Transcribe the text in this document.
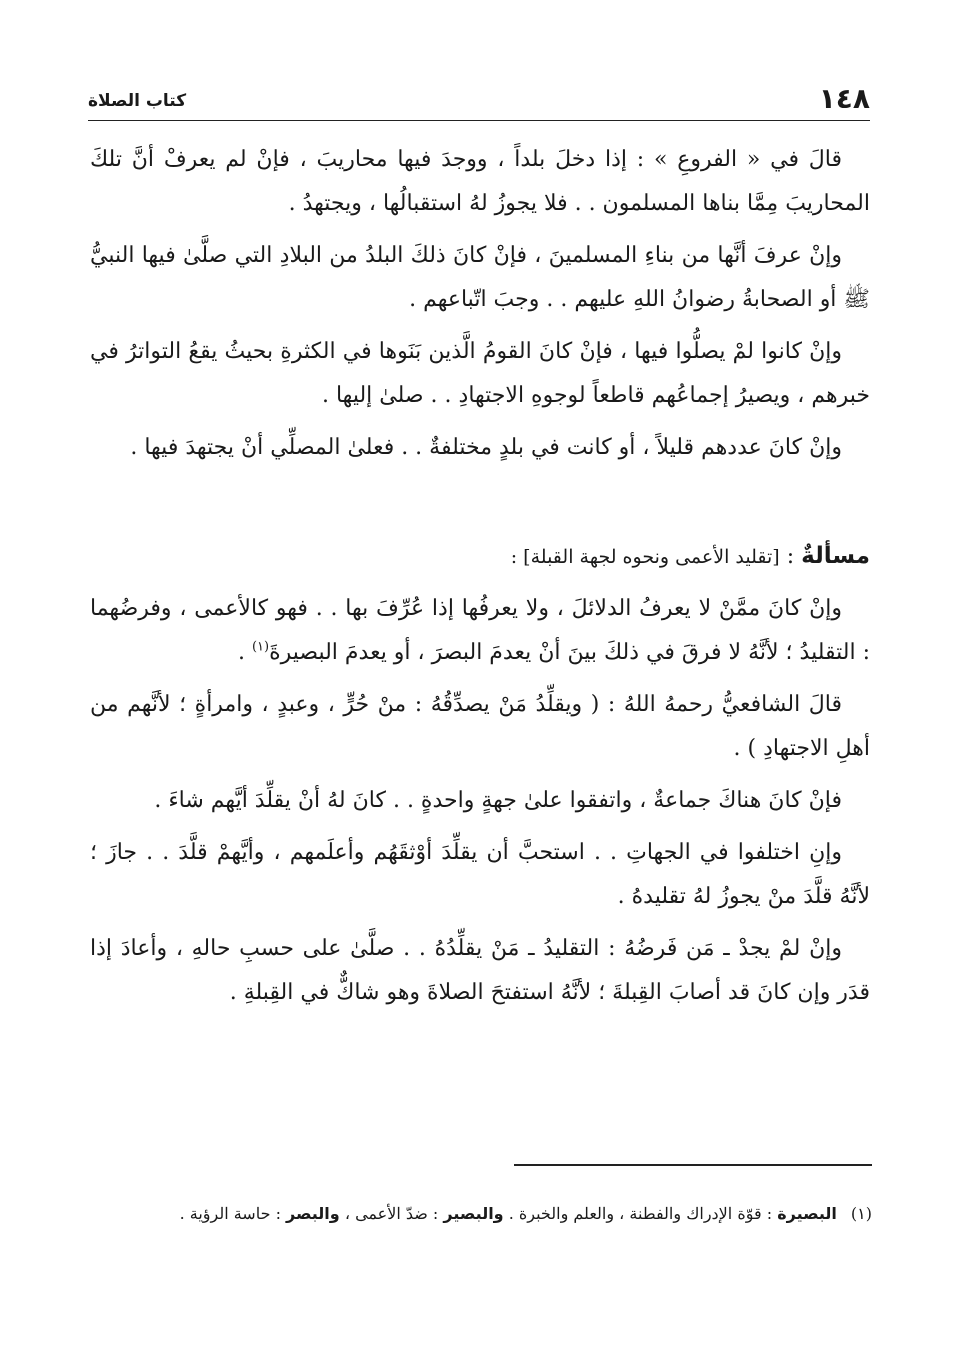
١٤٨
كتاب الصلاة

قالَ في « الفروعِ » : إذا دخلَ بلداً ، ووجدَ فيها محاريبَ ، فإنْ لم يعرفْ أنَّ تلكَ المحاريبَ مِمَّا بناها المسلمون . . فلا يجوزُ لهُ استقبالُها ، ويجتهدُ .

وإنْ عرفَ أنَّها من بناءِ المسلمينَ ، فإنْ كانَ ذلكَ البلدُ من البلادِ التي صلَّىٰ فيها النبيُّ ﷺ أو الصحابةُ رضوانُ اللهِ عليهم . . وجبَ اتّباعهم .

وإنْ كانوا لمْ يصلُّوا فيها ، فإنْ كانَ القومُ الَّذين بَنَوها في الكثرةِ بحيثُ يقعُ التواترُ في خبرهم ، ويصيرُ إجماعُهم قاطعاً لوجوهِ الاجتهادِ . . صلىٰ إليها .

وإنْ كانَ عددهم قليلاً ، أو كانت في بلدٍ مختلفةٌ . . فعلىٰ المصلِّي أنْ يجتهدَ فيها .

مسألةٌ : [تقليد الأعمى ونحوه لجهة القبلة] :

وإنْ كانَ ممَّنْ لا يعرفُ الدلائلَ ، ولا يعرفُها إذا عُرِّفَ بها . . فهو كالأعمى ، وفرضُهما : التقليدُ ؛ لأنَّهُ لا فرقَ في ذلكَ بينَ أنْ يعدمَ البصرَ ، أو يعدمَ البصيرةَ$^{(١)}$ .

قالَ الشافعيُّ رحمهُ اللهُ : ( ويقلِّدُ مَنْ يصدِّقُهُ : منْ حُرٍّ ، وعبدٍ ، وامرأةٍ ؛ لأنَّهم من أهلِ الاجتهادِ ) .

فإنْ كانَ هناكَ جماعةٌ ، واتفقوا علىٰ جهةٍ واحدةٍ . . كانَ لهُ أنْ يقلِّدَ أيَّهم شاءَ .

وإنِ اختلفوا في الجهاتِ . . استحبَّ أن يقلِّدَ أوْثقَهُم وأعلَمهم ، وأيَّهمْ قلَّدَ . . جازَ ؛ لأنَّهُ قلَّدَ منْ يجوزُ لهُ تقليدهُ .

وإنْ لمْ يجدْ ـ مَن فَرضُهُ : التقليدُ ـ مَنْ يقلِّدُهُ . . صلَّىٰ على حسبِ حالهِ ، وأعادَ إذا قدَر وإن كانَ قد أصابَ القِبلةَ ؛ لأنَّهُ استفتحَ الصلاةَ وهو شاكٌّ في القِبلةِ .

(١)البصيرة : قوّة الإدراك والفطنة ، والعلم والخبرة . والبصير : ضدّ الأعمى ، والبصر : حاسة الرؤية .
